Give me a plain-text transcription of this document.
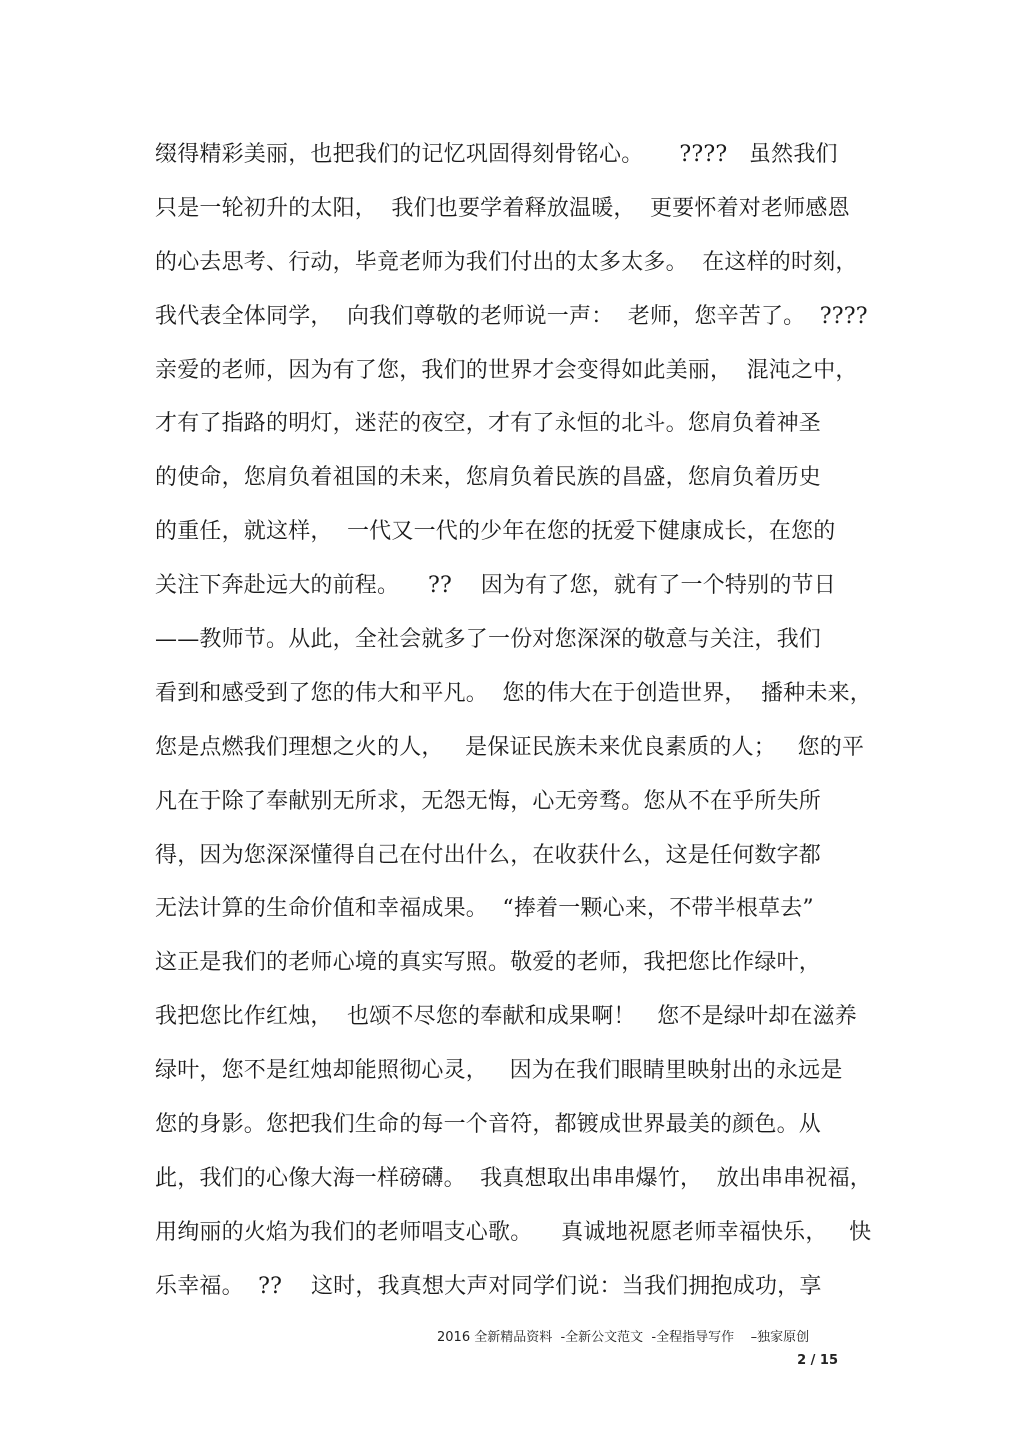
缀得精彩美丽，也把我们的记忆巩固得刻骨铭心。     ????   虽然我们
只是一轮初升的太阳，  我们也要学着释放温暖，  更要怀着对老师感恩
的心去思考、行动，毕竟老师为我们付出的太多太多。  在这样的时刻，
我代表全体同学，  向我们尊敬的老师说一声：  老师，您辛苦了。  ????
亲爱的老师，因为有了您，我们的世界才会变得如此美丽，  混沌之中，
才有了指路的明灯，迷茫的夜空，才有了永恒的北斗。您肩负着神圣
的使命，您肩负着祖国的未来，您肩负着民族的昌盛，您肩负着历史
的重任，就这样，  一代又一代的少年在您的抚爱下健康成长，在您的
关注下奔赴远大的前程。    ??    因为有了您，就有了一个特别的节日
——教师节。从此，全社会就多了一份对您深深的敬意与关注，我们
看到和感受到了您的伟大和平凡。  您的伟大在于创造世界，  播种未来，
您是点燃我们理想之火的人，   是保证民族未来优良素质的人；   您的平
凡在于除了奉献别无所求，无怨无悔，心无旁骛。您从不在乎所失所
得，因为您深深懂得自己在付出什么，在收获什么，这是任何数字都
无法计算的生命价值和幸福成果。  “捧着一颗心来，不带半根草去”
这正是我们的老师心境的真实写照。敬爱的老师，我把您比作绿叶，
我把您比作红烛，  也颂不尽您的奉献和成果啊！   您不是绿叶却在滋养
绿叶，您不是红烛却能照彻心灵，   因为在我们眼睛里映射出的永远是
您的身影。您把我们生命的每一个音符，都镀成世界最美的颜色。从
此，我们的心像大海一样磅礴。  我真想取出串串爆竹，  放出串串祝福，
用绚丽的火焰为我们的老师唱支心歌。    真诚地祝愿老师幸福快乐，   快
乐幸福。  ??    这时，我真想大声对同学们说：当我们拥抱成功，享
2016 全新精品资料  -全新公文范文  -全程指导写作    –独家原创
2 / 15
